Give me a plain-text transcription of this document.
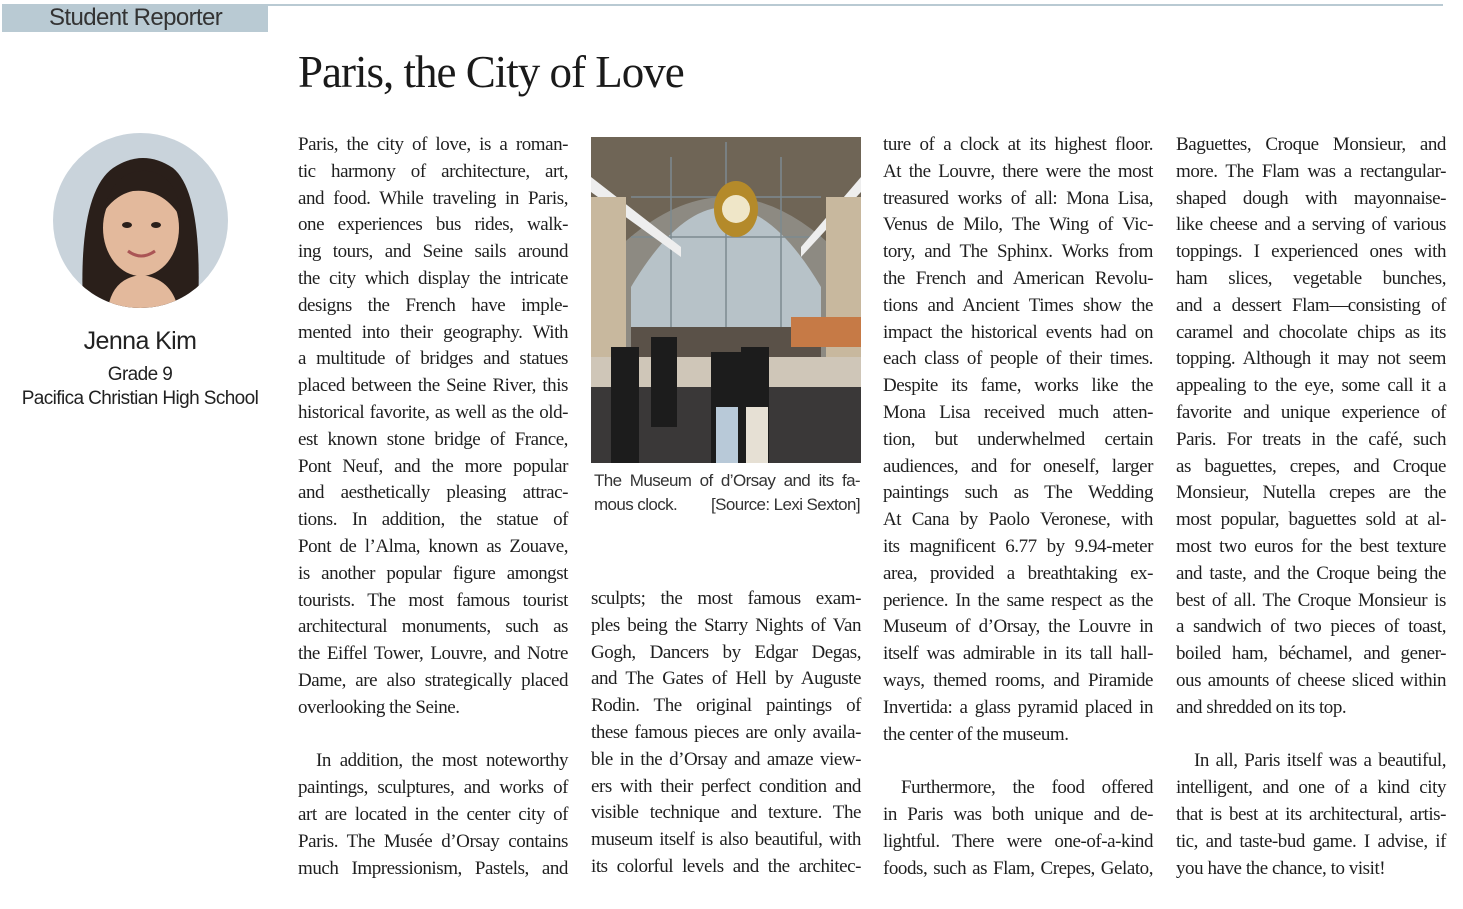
Student Reporter
Paris, the City of Love
Jenna Kim
Grade 9
Pacifica Christian High School
The Museum of d’Orsay and its fa-
mous clock. [Source: Lexi Sexton]
Paris, the city of love, is a roman-
tic harmony of architecture, art,
and food. While traveling in Paris,
one experiences bus rides, walk-
ing tours, and Seine sails around
the city which display the intricate
designs the French have imple-
mented into their geography. With
a multitude of bridges and statues
placed between the Seine River, this
historical favorite, as well as the old-
est known stone bridge of France,
Pont Neuf, and the more popular
and aesthetically pleasing attrac-
tions. In addition, the statue of
Pont de l’Alma, known as Zouave,
is another popular figure amongst
tourists. The most famous tourist
architectural monuments, such as
the Eiffel Tower, Louvre, and Notre
Dame, are also strategically placed
overlooking the Seine.
In addition, the most noteworthy
paintings, sculptures, and works of
art are located in the center city of
Paris. The Musée d’Orsay contains
much Impressionism, Pastels, and
sculpts; the most famous exam-
ples being the Starry Nights of Van
Gogh, Dancers by Edgar Degas,
and The Gates of Hell by Auguste
Rodin. The original paintings of
these famous pieces are only availa-
ble in the d’Orsay and amaze view-
ers with their perfect condition and
visible technique and texture. The
museum itself is also beautiful, with
its colorful levels and the architec-
ture of a clock at its highest floor.
At the Louvre, there were the most
treasured works of all: Mona Lisa,
Venus de Milo, The Wing of Vic-
tory, and The Sphinx. Works from
the French and American Revolu-
tions and Ancient Times show the
impact the historical events had on
each class of people of their times.
Despite its fame, works like the
Mona Lisa received much atten-
tion, but underwhelmed certain
audiences, and for oneself, larger
paintings such as The Wedding
At Cana by Paolo Veronese, with
its magnificent 6.77 by 9.94-meter
area, provided a breathtaking ex-
perience. In the same respect as the
Museum of d’Orsay, the Louvre in
itself was admirable in its tall hall-
ways, themed rooms, and Piramide
Invertida: a glass pyramid placed in
the center of the museum.
Furthermore, the food offered
in Paris was both unique and de-
lightful. There were one-of-a-kind
foods, such as Flam, Crepes, Gelato,
Baguettes, Croque Monsieur, and
more. The Flam was a rectangular-
shaped dough with mayonnaise-
like cheese and a serving of various
toppings. I experienced ones with
ham slices, vegetable bunches,
and a dessert Flam—consisting of
caramel and chocolate chips as its
topping. Although it may not seem
appealing to the eye, some call it a
favorite and unique experience of
Paris. For treats in the café, such
as baguettes, crepes, and Croque
Monsieur, Nutella crepes are the
most popular, baguettes sold at al-
most two euros for the best texture
and taste, and the Croque being the
best of all. The Croque Monsieur is
a sandwich of two pieces of toast,
boiled ham, béchamel, and gener-
ous amounts of cheese sliced within
and shredded on its top.
In all, Paris itself was a beautiful,
intelligent, and one of a kind city
that is best at its architectural, artis-
tic, and taste-bud game. I advise, if
you have the chance, to visit!
